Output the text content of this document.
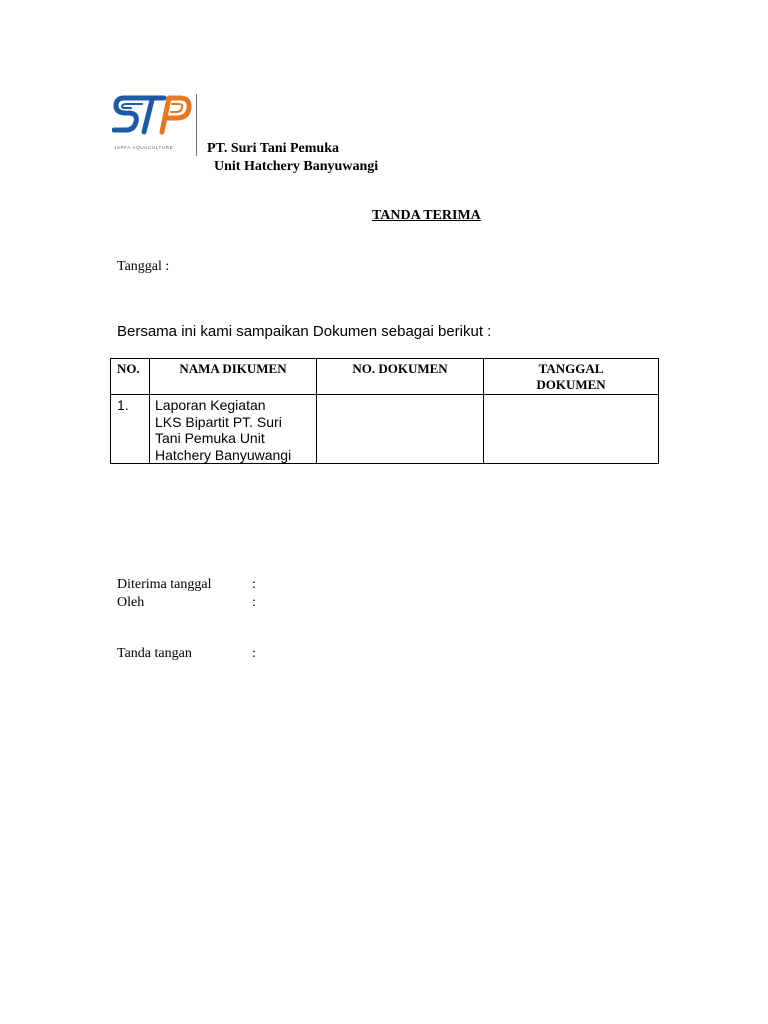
JAPFA AQUACULTURE PT. Suri Tani Pemuka
Unit Hatchery Banyuwangi
TANDA TERIMA
Tanggal :
Bersama ini kami sampaikan Dokumen sebagai berikut :
NO.	NAMA DIKUMEN	NO. DOKUMEN	TANGGAL
DOKUMEN

1.	Laporan Kegiatan
LKS Bipartit PT. Suri
Tani Pemuka Unit
Hatchery Banyuwangi		

Diterima tanggal	:
Oleh	:
Tanda tangan	:
